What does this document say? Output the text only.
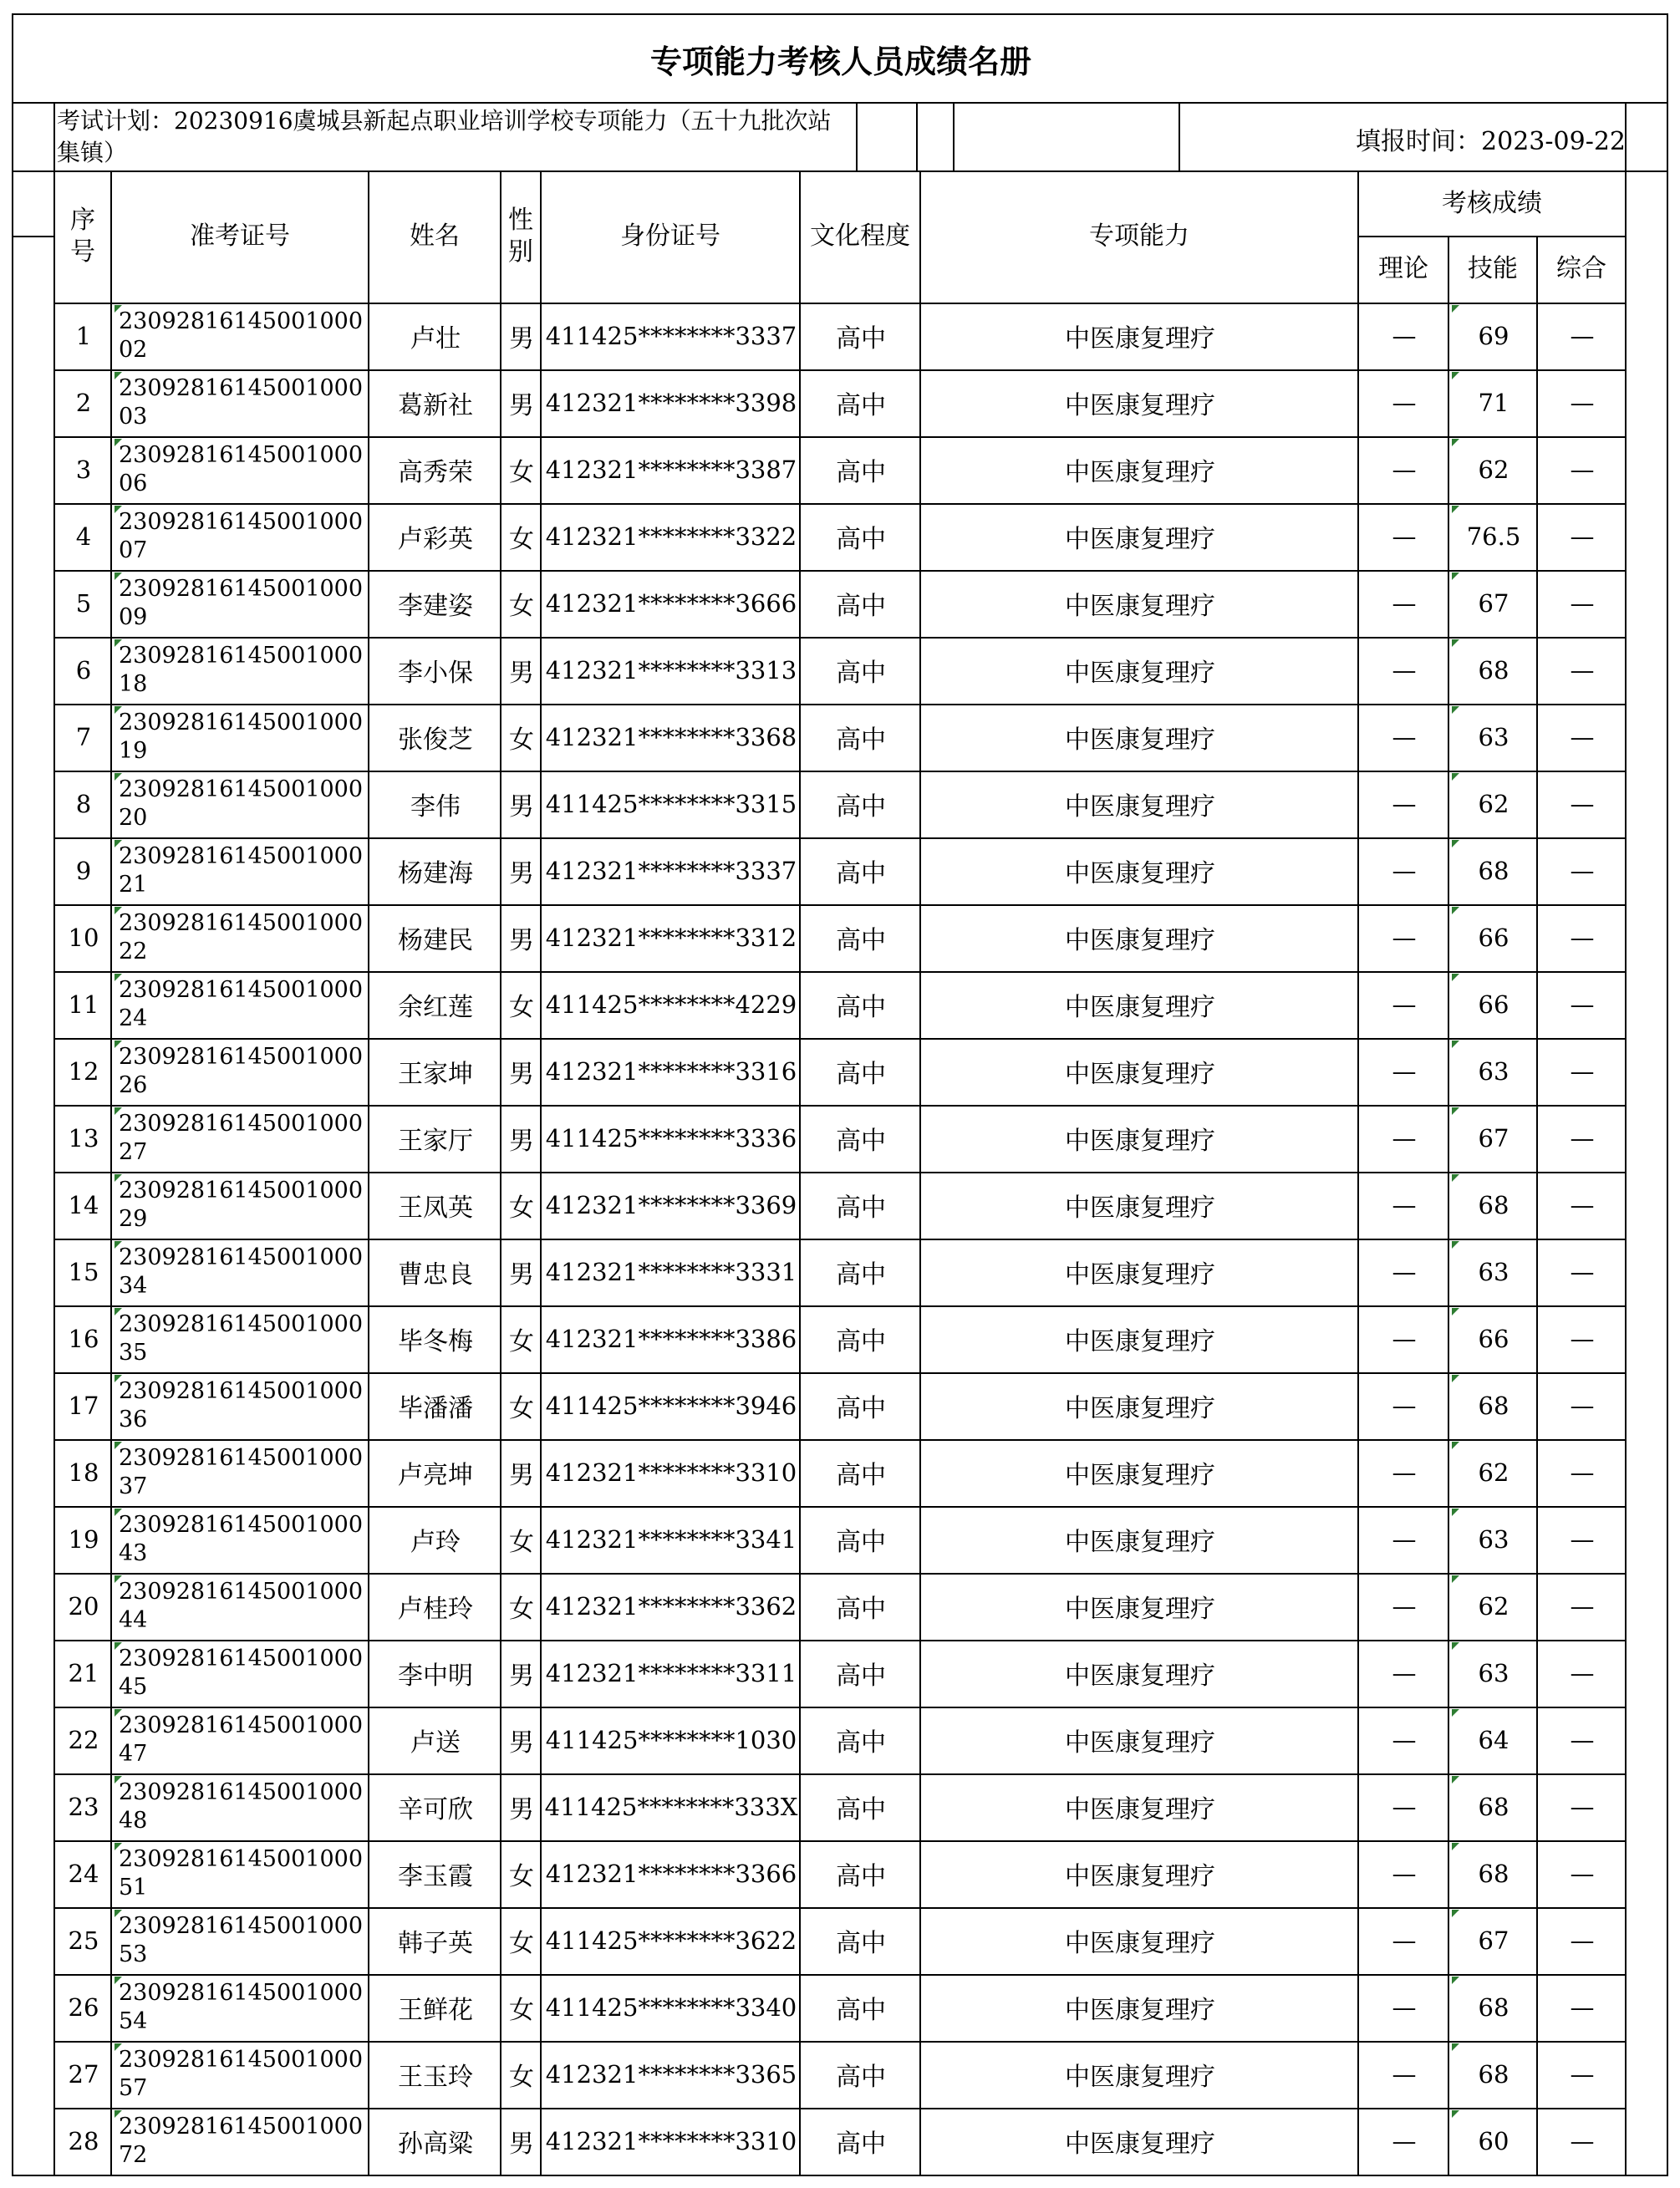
专项能力考核人员成绩名册
考试计划：20230916虞城县新起点职业培训学校专项能力（五十九批次站集镇）	填报时间：2023-09-22
序号
准考证号	姓名
性别
身份证号	文化程度	专项能力
考核成绩
理论	技能	综合
1
2309281614500100002	卢壮	男 411425********3337	高中	中医康复理疗	—	69	—
2
2309281614500100003	葛新社	男 412321********3398	高中	中医康复理疗	—	71	—
3
2309281614500100006	高秀荣	女 412321********3387	高中	中医康复理疗	—	62	—
4
2309281614500100007	卢彩英	女 412321********3322	高中	中医康复理疗	—	76.5	—
5
2309281614500100009	李建姿	女 412321********3666	高中	中医康复理疗	—	67	—
6
2309281614500100018	李小保	男 412321********3313	高中	中医康复理疗	—	68	—
7
2309281614500100019	张俊芝	女 412321********3368	高中	中医康复理疗	—	63	—
8
2309281614500100020	李伟	男 411425********3315	高中	中医康复理疗	—	62	—
9
2309281614500100021	杨建海	男 412321********3337	高中	中医康复理疗	—	68	—
10
2309281614500100022	杨建民	男 412321********3312	高中	中医康复理疗	—	66	—
11
2309281614500100024	余红莲	女 411425********4229	高中	中医康复理疗	—	66	—
12
2309281614500100026	王家坤	男 412321********3316	高中	中医康复理疗	—	63	—
13
2309281614500100027	王家厅	男 411425********3336	高中	中医康复理疗	—	67	—
14
2309281614500100029	王凤英	女 412321********3369	高中	中医康复理疗	—	68	—
15
2309281614500100034	曹忠良	男 412321********3331	高中	中医康复理疗	—	63	—
16
2309281614500100035	毕冬梅	女 412321********3386	高中	中医康复理疗	—	66	—
17
2309281614500100036	毕潘潘	女 411425********3946	高中	中医康复理疗	—	68	—
18
2309281614500100037	卢亮坤	男 412321********3310	高中	中医康复理疗	—	62	—
19
2309281614500100043	卢玲	女 412321********3341	高中	中医康复理疗	—	63	—
20
2309281614500100044	卢桂玲	女 412321********3362	高中	中医康复理疗	—	62	—
21
2309281614500100045	李中明	男 412321********3311	高中	中医康复理疗	—	63	—
22
2309281614500100047	卢送	男 411425********1030	高中	中医康复理疗	—	64	—
23
2309281614500100048	辛可欣	男 411425********333X	高中	中医康复理疗	—	68	—
24
2309281614500100051	李玉霞	女 412321********3366	高中	中医康复理疗	—	68	—
25
2309281614500100053	韩子英	女 411425********3622	高中	中医康复理疗	—	67	—
26
2309281614500100054	王鲜花	女 411425********3340	高中	中医康复理疗	—	68	—
27
2309281614500100057	王玉玲	女 412321********3365	高中	中医康复理疗	—	68	—
28
2309281614500100072	孙高粱	男 412321********3310	高中	中医康复理疗	—	60	—
